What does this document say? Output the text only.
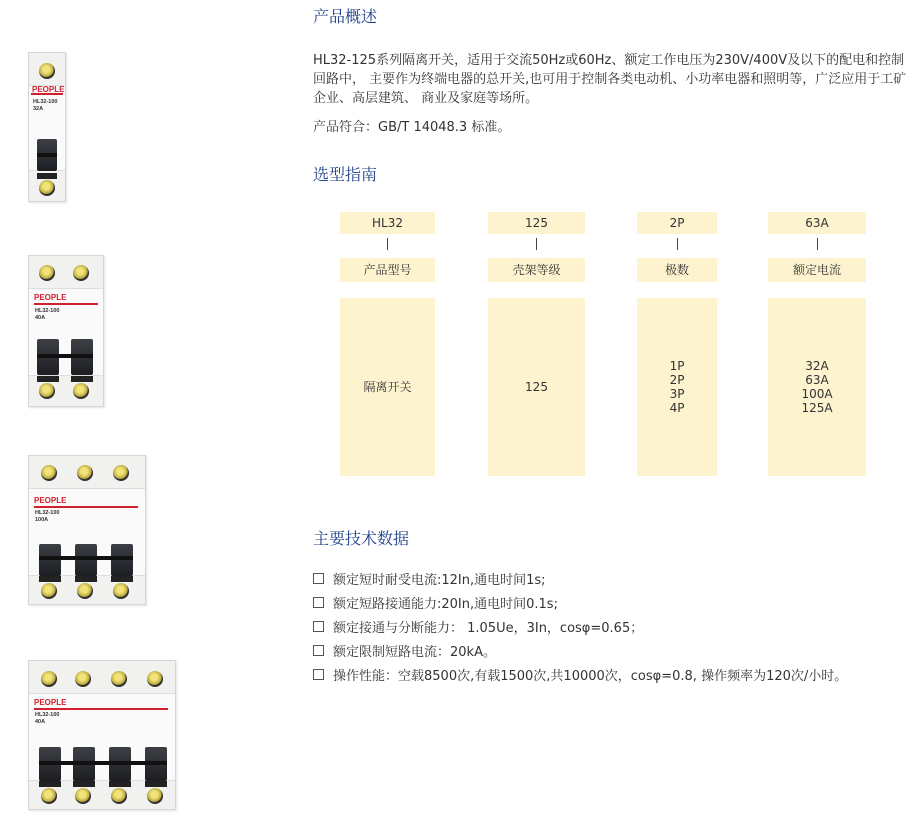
PEOPLE
HL32-100
32A
PEOPLE
HL32-100
40A
PEOPLE
HL32-100
100A
PEOPLE
HL32-100
40A
产品概述
HL32-125系列隔离开关，适用于交流50Hz或60Hz、额定工作电压为230V/400V及以下的配电和控制回路中， 主要作为终端电器的总开关,也可用于控制各类电动机、小功率电器和照明等，广泛应用于工矿企业、高层建筑、 商业及家庭等场所。
产品符合：GB/T 14048.3 标准。
选型指南
HL32
产品型号
隔离开关
125
壳架等级
125
2P
极数
1P
2P
3P
4P
63A
额定电流
32A
63A
100A
125A
主要技术数据
额定短时耐受电流:12In,通电时间1s;
额定短路接通能力:20In,通电时间0.1s;
额定接通与分断能力： 1.05Ue，3In，cosφ=0.65；
额定限制短路电流：20kA。
操作性能：空载8500次,有载1500次,共10000次，cosφ=0.8, 操作频率为120次/小时。
